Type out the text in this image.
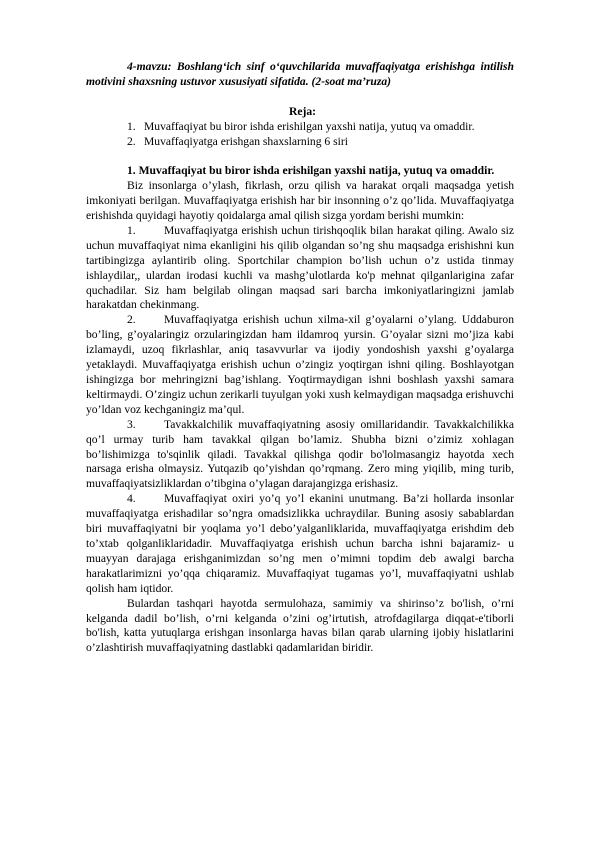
4-mavzu: Boshlang‘ich sinf o‘quvchilarida muvaffaqiyatga erishishga intilish motivini shaxsning ustuvor xususiyati sifatida. (2-soat ma’ruza)

Reja:

1. Muvaffaqiyat bu biror ishda erishilgan yaxshi natija, yutuq va omaddir.
2. Muvaffaqiyatga erishgan shaxslarning 6 siri

1. Muvaffaqiyat bu biror ishda erishilgan yaxshi natija, yutuq va omaddir.

Biz insonlarga o’ylash, fikrlash, orzu qilish va harakat orqali maqsadga yetish imkoniyati berilgan. Muvaffaqiyatga erishish har bir insonning o’z qo’lida. Muvaffaqiyatga erishishda quyidagi hayotiy qoidalarga amal qilish sizga yordam berishi mumkin:

1. Muvaffaqiyatga erishish uchun tirishqoqlik bilan harakat qiling. Awalo siz uchun muvaffaqiyat nima ekanligini his qilib olgandan so’ng shu maqsadga erishishni kun tartibingizga aylantirib oling. Sportchilar champion bo’lish uchun o’z ustida tinmay ishlaydilar,, ulardan irodasi kuchli va mashg’ulotlarda ko'p mehnat qilganlarigina zafar quchadilar. Siz ham belgilab olingan maqsad sari barcha imkoniyatlaringizni jamlab harakatdan chekinmang.

2. Muvaffaqiyatga erishish uchun xilma-xil g’oyalarni o’ylang. Uddaburon bo’ling, g’oyalaringiz orzularingizdan ham ildamroq yursin. G’oyalar sizni mo’jiza kabi izlamaydi, uzoq fikrlashlar, aniq tasavvurlar va ijodiy yondoshish yaxshi g’oyalarga yetaklaydi. Muvaffaqiyatga erishish uchun o’zingiz yoqtirgan ishni qiling. Boshlayotgan ishingizga bor mehringizni bag’ishlang. Yoqtirmaydigan ishni boshlash yaxshi samara keltirmaydi. O’zingiz uchun zerikarli tuyulgan yoki xush kelmaydigan maqsadga erishuvchi yo’ldan voz kechganingiz ma’qul.

3. Tavakkalchilik muvaffaqiyatning asosiy omillaridandir. Tavakkalchilikka qo’l urmay turib ham tavakkal qilgan bo’lamiz. Shubha bizni o’zimiz xohlagan bo’lishimizga to'sqinlik qiladi. Tavakkal qilishga qodir bo'lolmasangiz hayotda xech narsaga erisha olmaysiz. Yutqazib qo’yishdan qo’rqmang. Zero ming yiqilib, ming turib, muvaffaqiyatsizliklardan o’tibgina o’ylagan darajangizga erishasiz.

4. Muvaffaqiyat oxiri yo’q yo’l ekanini unutmang. Ba’zi hollarda insonlar muvaffaqiyatga erishadilar so’ngra omadsizlikka uchraydilar. Buning asosiy sabablardan biri muvaffaqiyatni bir yoqlama yo’l debo’yalganliklarida, muvaffaqiyatga erishdim deb to’xtab qolganliklaridadir. Muvaffaqiyatga erishish uchun barcha ishni bajaramiz- u muayyan darajaga erishganimizdan so’ng men o’mimni topdim deb awalgi barcha harakatlarimizni yo’qqa chiqaramiz. Muvaffaqiyat tugamas yo’l, muvaffaqiyatni ushlab qolish ham iqtidor.

Bulardan tashqari hayotda sermulohaza, samimiy va shirinso’z bo'lish, o’rni kelganda dadil bo’lish, o’rni kelganda o’zini og’irtutish, atrofdagilarga diqqat-e'tiborli bo'lish, katta yutuqlarga erishgan insonlarga havas bilan qarab ularning ijobiy hislatlarini o’zlashtirish muvaffaqiyatning dastlabki qadamlaridan biridir.
